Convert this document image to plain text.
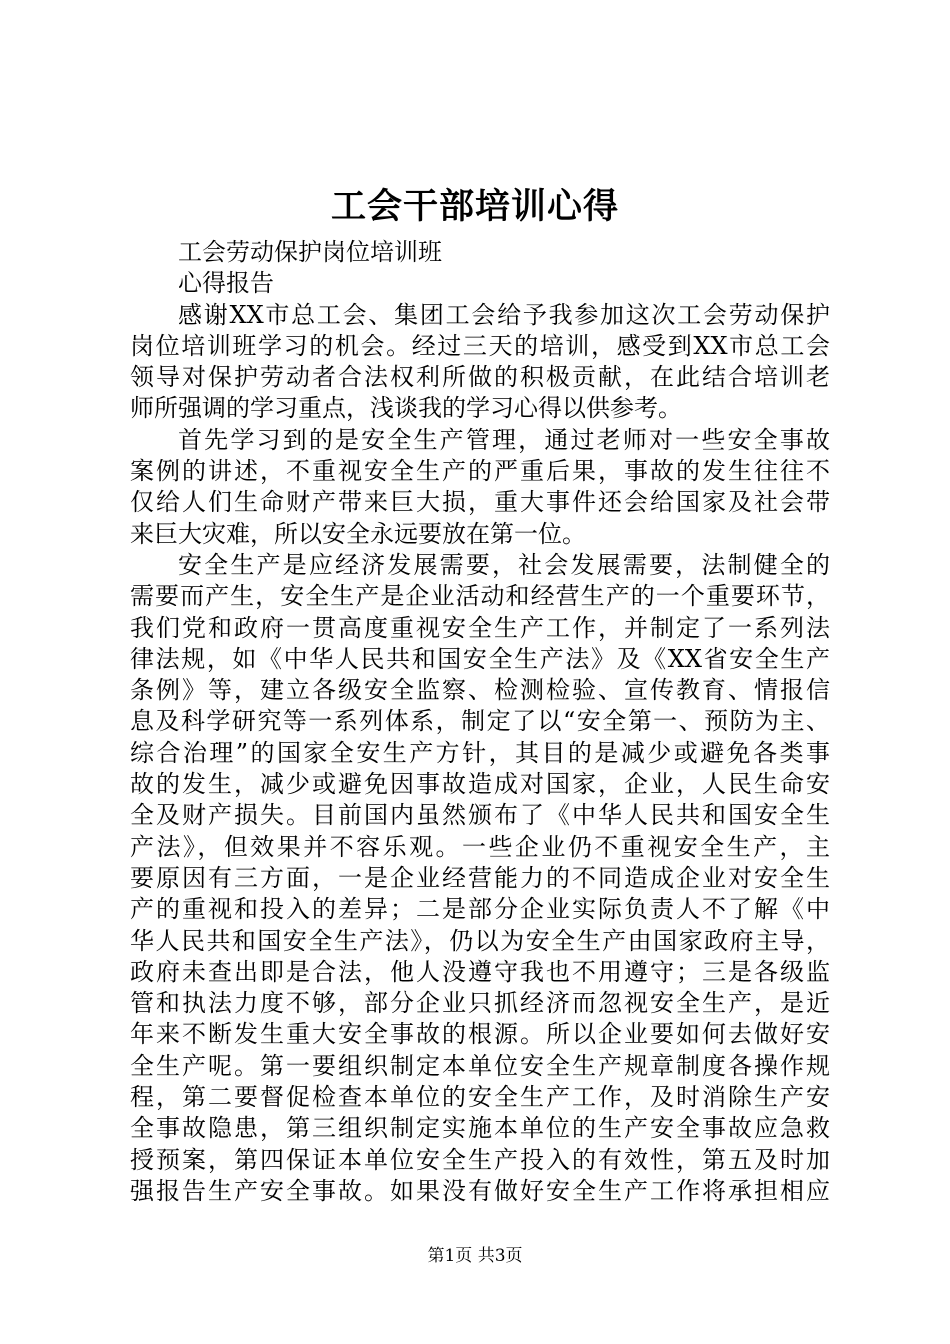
工会干部培训心得
工会劳动保护岗位培训班
心得报告
感谢XX市总工会、集团工会给予我参加这次工会劳动保护
岗位培训班学习的机会。经过三天的培训，感受到XX市总工会
领导对保护劳动者合法权利所做的积极贡献，在此结合培训老
师所强调的学习重点，浅谈我的学习心得以供参考。
首先学习到的是安全生产管理，通过老师对一些安全事故
案例的讲述，不重视安全生产的严重后果，事故的发生往往不
仅给人们生命财产带来巨大损，重大事件还会给国家及社会带
来巨大灾难，所以安全永远要放在第一位。
安全生产是应经济发展需要，社会发展需要，法制健全的
需要而产生，安全生产是企业活动和经营生产的一个重要环节，
我们党和政府一贯高度重视安全生产工作，并制定了一系列法
律法规，如《中华人民共和国安全生产法》及《XX省安全生产
条例》等，建立各级安全监察、检测检验、宣传教育、情报信
息及科学研究等一系列体系，制定了以“安全第一、预防为主、
综合治理”的国家全安生产方针，其目的是减少或避免各类事
故的发生，减少或避免因事故造成对国家，企业，人民生命安
全及财产损失。目前国内虽然颁布了《中华人民共和国安全生
产法》，但效果并不容乐观。一些企业仍不重视安全生产，主
要原因有三方面，一是企业经营能力的不同造成企业对安全生
产的重视和投入的差异；二是部分企业实际负责人不了解《中
华人民共和国安全生产法》，仍以为安全生产由国家政府主导，
政府未查出即是合法，他人没遵守我也不用遵守；三是各级监
管和执法力度不够，部分企业只抓经济而忽视安全生产，是近
年来不断发生重大安全事故的根源。所以企业要如何去做好安
全生产呢。第一要组织制定本单位安全生产规章制度各操作规
程，第二要督促检查本单位的安全生产工作，及时消除生产安
全事故隐患，第三组织制定实施本单位的生产安全事故应急救
授预案，第四保证本单位安全生产投入的有效性，第五及时加
强报告生产安全事故。如果没有做好安全生产工作将承担相应
第1页 共3页
